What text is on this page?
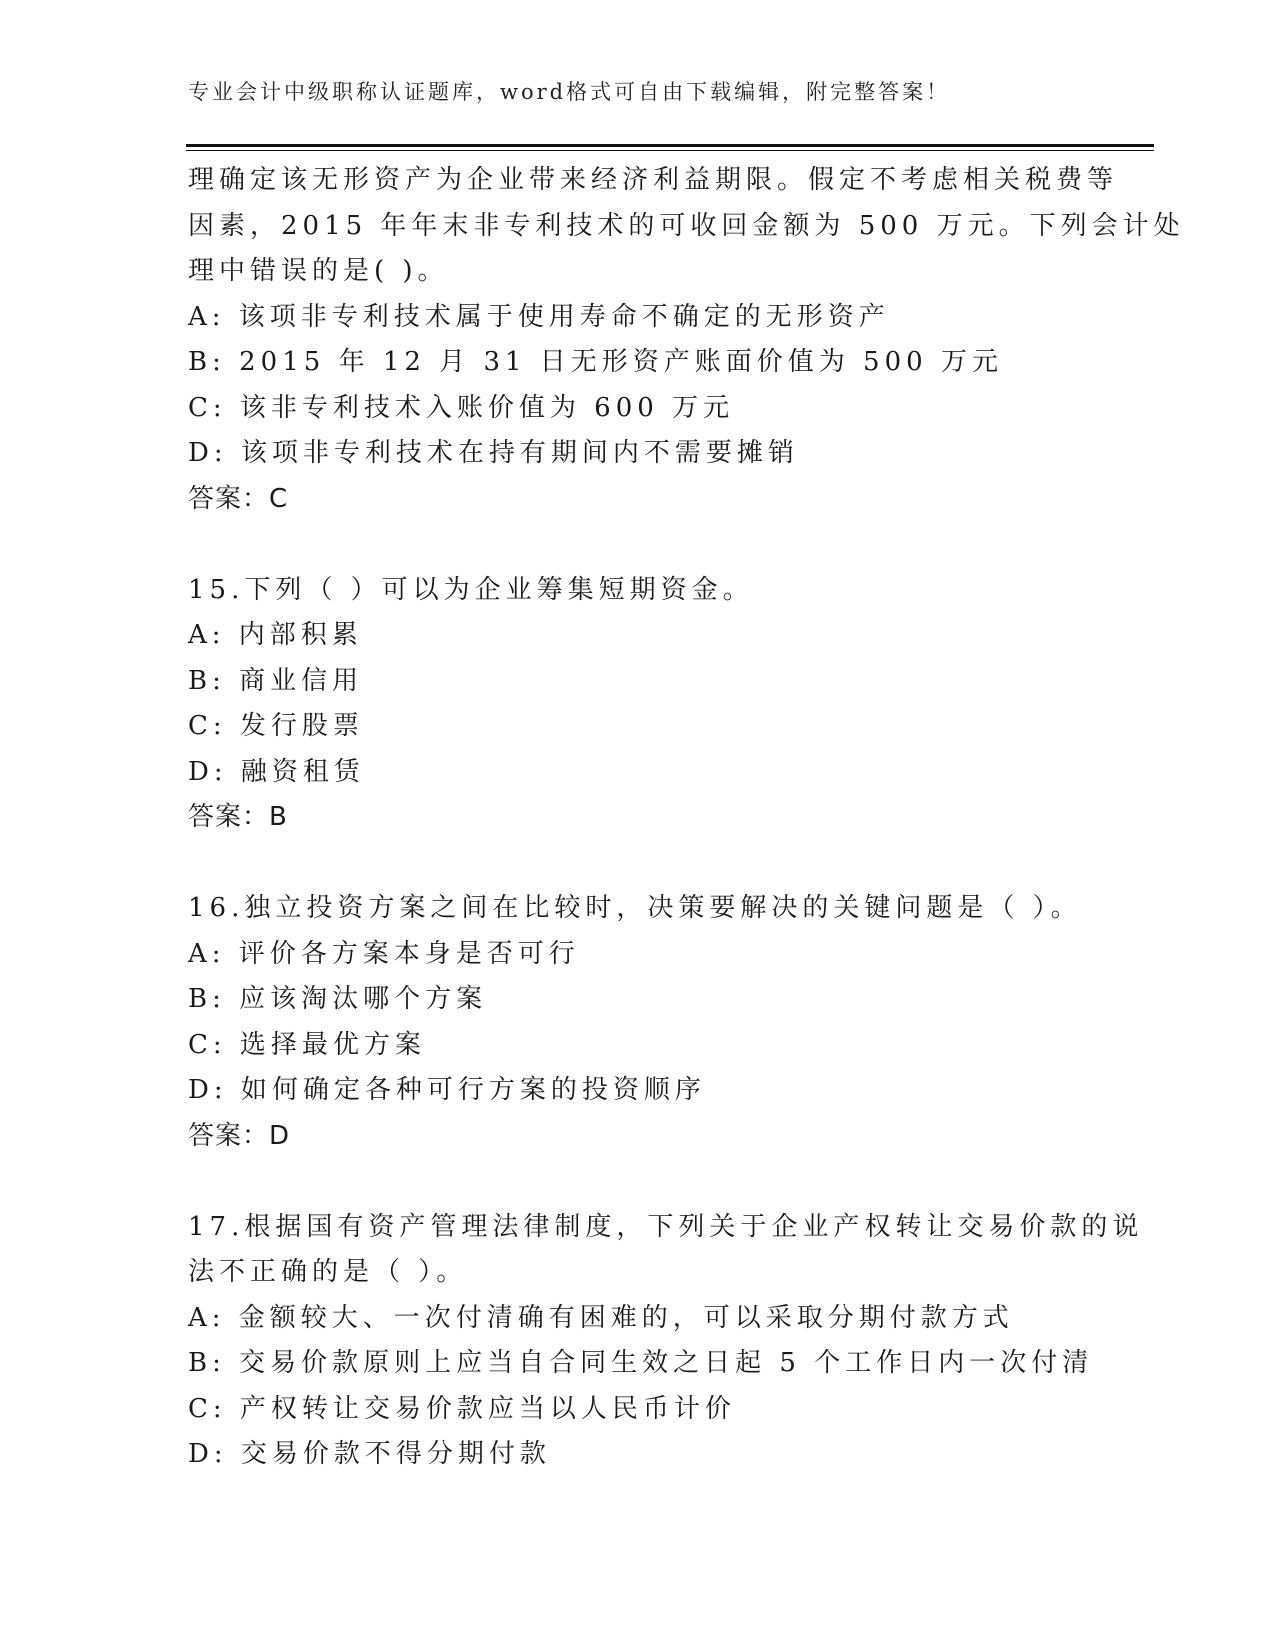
专业会计中级职称认证题库，word格式可自由下载编辑，附完整答案！
理确定该无形资产为企业带来经济利益期限。假定不考虑相关税费等
因素，2015 年年末非专利技术的可收回金额为 500 万元。下列会计处
理中错误的是( )。
A: 该项非专利技术属于使用寿命不确定的无形资产
B: 2015 年 12 月 31 日无形资产账面价值为 500 万元
C: 该非专利技术入账价值为 600 万元
D: 该项非专利技术在持有期间内不需要摊销
答案：C
15.下列（ ）可以为企业筹集短期资金。
A: 内部积累
B: 商业信用
C: 发行股票
D: 融资租赁
答案：B
16.独立投资方案之间在比较时，决策要解决的关键问题是（ ）。
A: 评价各方案本身是否可行
B: 应该淘汰哪个方案
C: 选择最优方案
D: 如何确定各种可行方案的投资顺序
答案：D
17.根据国有资产管理法律制度，下列关于企业产权转让交易价款的说
法不正确的是（ ）。
A: 金额较大、一次付清确有困难的，可以采取分期付款方式
B: 交易价款原则上应当自合同生效之日起 5 个工作日内一次付清
C: 产权转让交易价款应当以人民币计价
D: 交易价款不得分期付款
